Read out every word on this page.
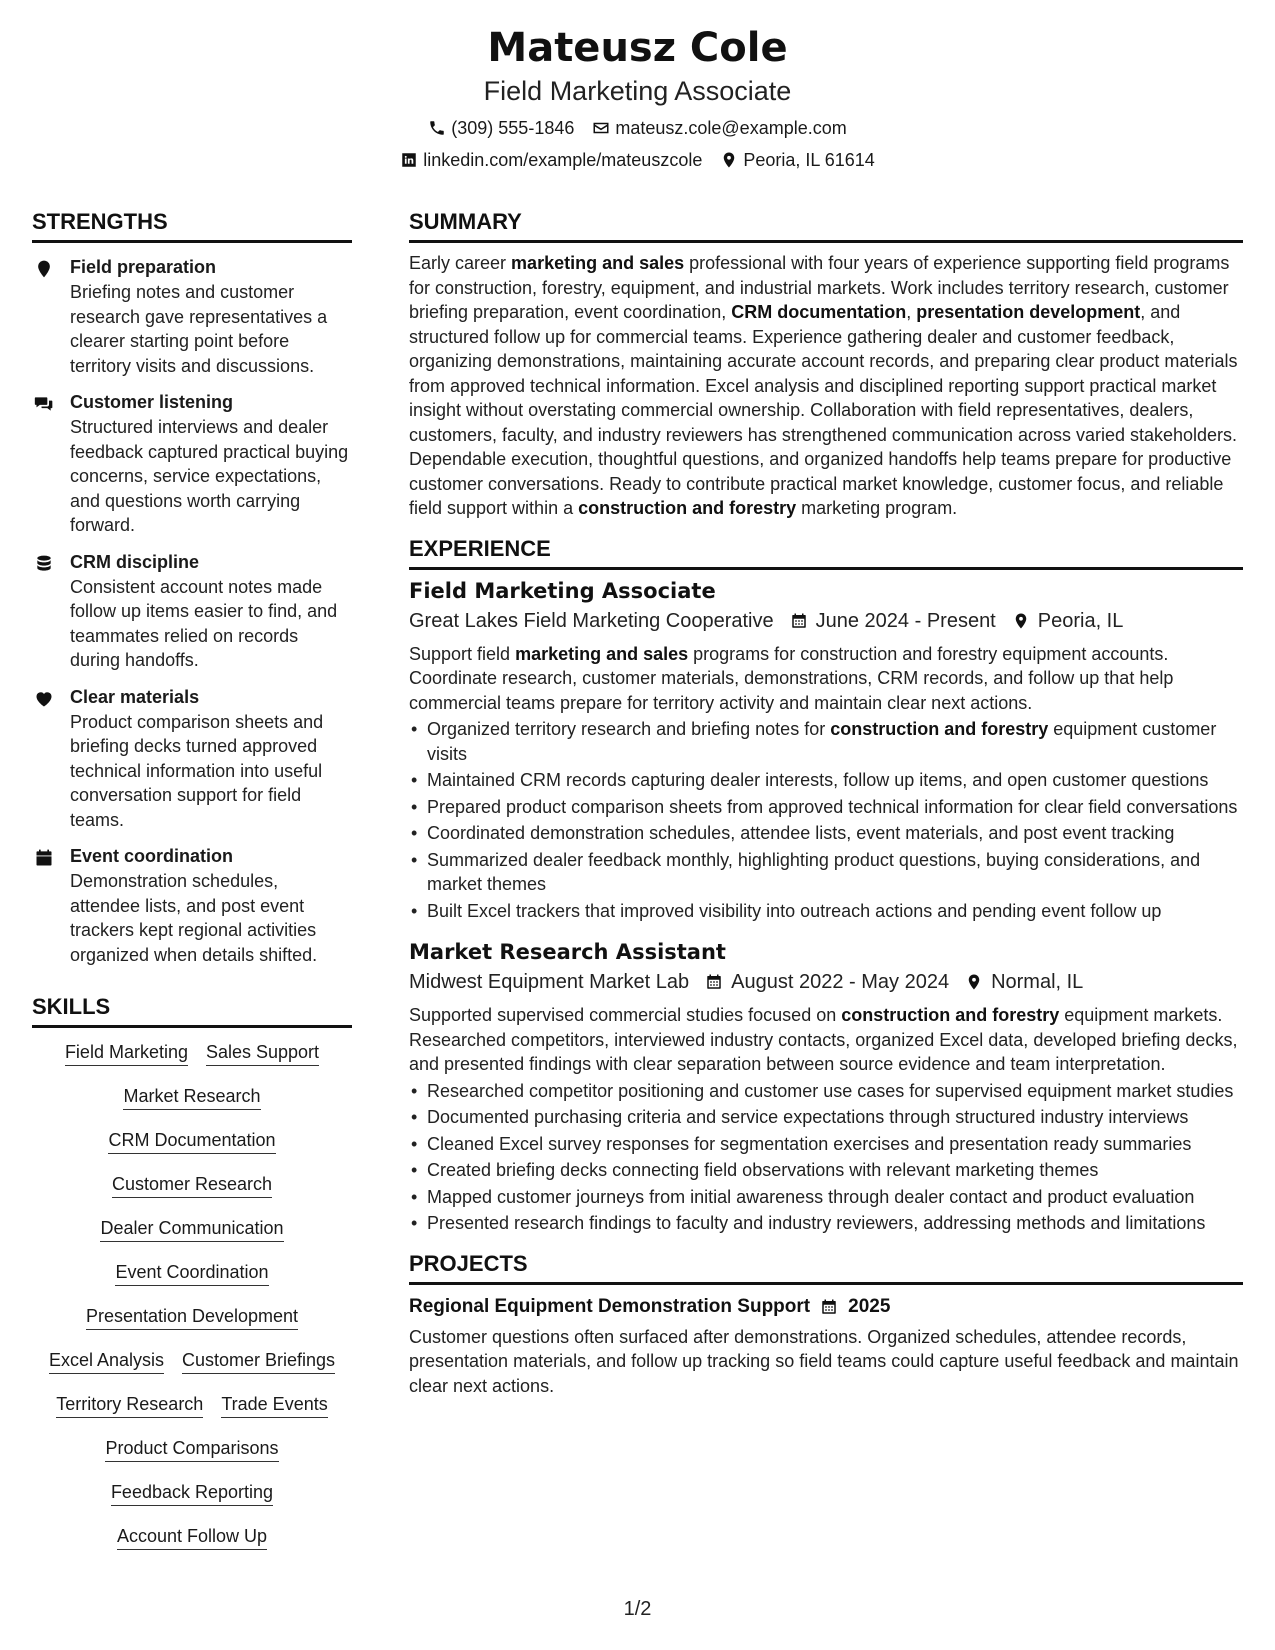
Mateusz Cole
Field Marketing Associate
(309) 555-1846 mateusz.cole@example.com
linkedin.com/example/mateuszcole Peoria, IL 61614
STRENGTHS
Field preparation
Briefing notes and customer research gave representatives a clearer starting point before territory visits and discussions.
Customer listening
Structured interviews and dealer feedback captured practical buying concerns, service expectations, and questions worth carrying forward.
CRM discipline
Consistent account notes made follow up items easier to find, and teammates relied on records during handoffs.
Clear materials
Product comparison sheets and briefing decks turned approved technical information into useful conversation support for field teams.
Event coordination
Demonstration schedules, attendee lists, and post event trackers kept regional activities organized when details shifted.
SKILLS
Field Marketing Sales Support
Market Research
CRM Documentation
Customer Research
Dealer Communication
Event Coordination
Presentation Development
Excel Analysis Customer Briefings
Territory Research Trade Events
Product Comparisons
Feedback Reporting
Account Follow Up
SUMMARY
Early career marketing and sales professional with four years of experience supporting field programs for construction, forestry, equipment, and industrial markets. Work includes territory research, customer briefing preparation, event coordination, CRM documentation, presentation development, and structured follow up for commercial teams. Experience gathering dealer and customer feedback, organizing demonstrations, maintaining accurate account records, and preparing clear product materials from approved technical information. Excel analysis and disciplined reporting support practical market insight without overstating commercial ownership. Collaboration with field representatives, dealers, customers, faculty, and industry reviewers has strengthened communication across varied stakeholders. Dependable execution, thoughtful questions, and organized handoffs help teams prepare for productive customer conversations. Ready to contribute practical market knowledge, customer focus, and reliable field support within a construction and forestry marketing program.
EXPERIENCE
Field Marketing Associate
Great Lakes Field Marketing Cooperative June 2024 - Present Peoria, IL
Support field marketing and sales programs for construction and forestry equipment accounts. Coordinate research, customer materials, demonstrations, CRM records, and follow up that help commercial teams prepare for territory activity and maintain clear next actions.
• Organized territory research and briefing notes for construction and forestry equipment customer visits
• Maintained CRM records capturing dealer interests, follow up items, and open customer questions
• Prepared product comparison sheets from approved technical information for clear field conversations
• Coordinated demonstration schedules, attendee lists, event materials, and post event tracking
• Summarized dealer feedback monthly, highlighting product questions, buying considerations, and market themes
• Built Excel trackers that improved visibility into outreach actions and pending event follow up
Market Research Assistant
Midwest Equipment Market Lab August 2022 - May 2024 Normal, IL
Supported supervised commercial studies focused on construction and forestry equipment markets. Researched competitors, interviewed industry contacts, organized Excel data, developed briefing decks, and presented findings with clear separation between source evidence and team interpretation.
• Researched competitor positioning and customer use cases for supervised equipment market studies
• Documented purchasing criteria and service expectations through structured industry interviews
• Cleaned Excel survey responses for segmentation exercises and presentation ready summaries
• Created briefing decks connecting field observations with relevant marketing themes
• Mapped customer journeys from initial awareness through dealer contact and product evaluation
• Presented research findings to faculty and industry reviewers, addressing methods and limitations
PROJECTS
Regional Equipment Demonstration Support 2025
Customer questions often surfaced after demonstrations. Organized schedules, attendee records, presentation materials, and follow up tracking so field teams could capture useful feedback and maintain clear next actions.
1/2
